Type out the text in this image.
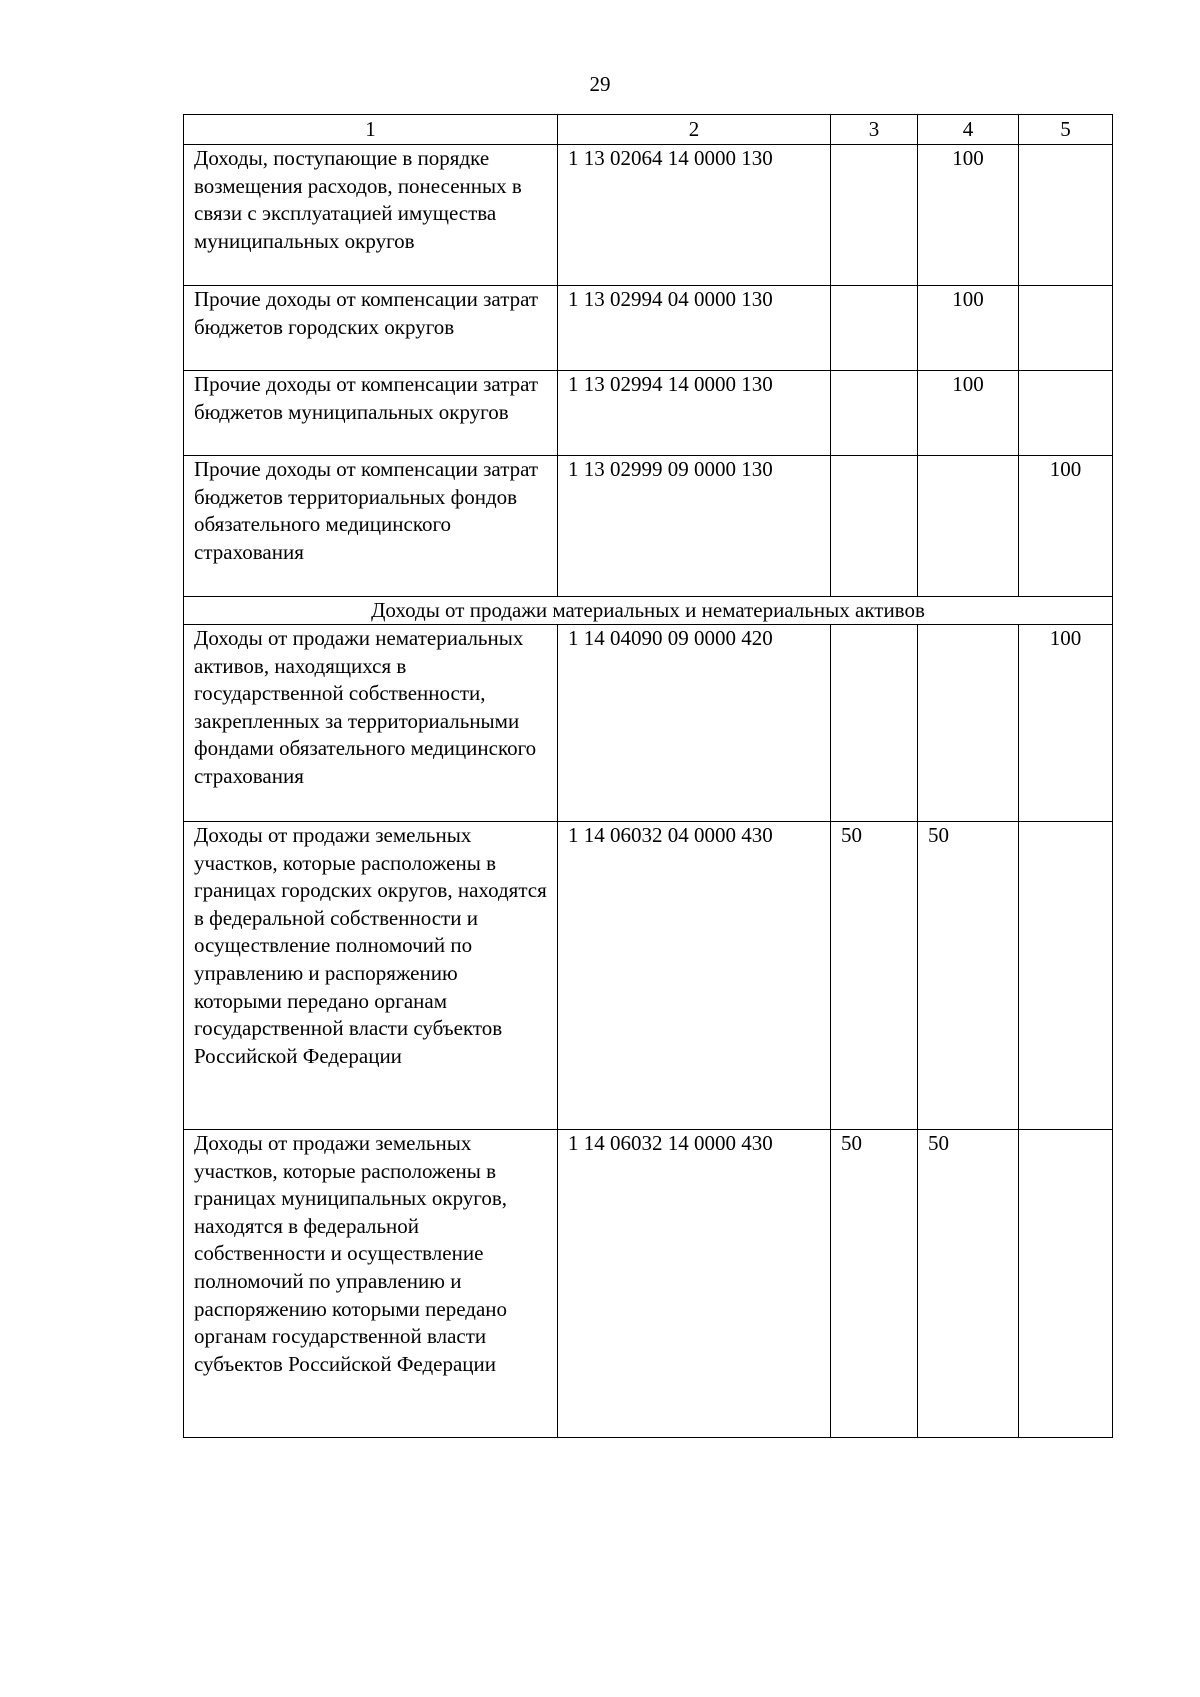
29
1	2	3	4	5
Доходы, поступающие в порядке возмещения расходов, понесенных в связи с эксплуатацией имущества муниципальных округов	1 13 02064 14 0000 130		100	
Прочие доходы от компенсации затрат бюджетов городских округов	1 13 02994 04 0000 130		100	
Прочие доходы от компенсации затрат бюджетов муниципальных округов	1 13 02994 14 0000 130		100	
Прочие доходы от компенсации затрат бюджетов территориальных фондов обязательного медицинского страхования	1 13 02999 09 0000 130			100
Доходы от продажи материальных и нематериальных активов				
Доходы от продажи нематериальных активов, находящихся в государственной собственности, закрепленных за территориальными фондами обязательного медицинского страхования	1 14 04090 09 0000 420			100
Доходы от продажи земельных участков, которые расположены в границах городских округов, находятся в федеральной собственности и осуществление полномочий по управлению и распоряжению которыми передано органам государственной власти субъектов Российской Федерации	1 14 06032 04 0000 430	50	50	
Доходы от продажи земельных участков, которые расположены в границах муниципальных округов, находятся в федеральной собственности и осуществление полномочий по управлению и распоряжению которыми передано органам государственной власти субъектов Российской Федерации	1 14 06032 14 0000 430	50	50	
